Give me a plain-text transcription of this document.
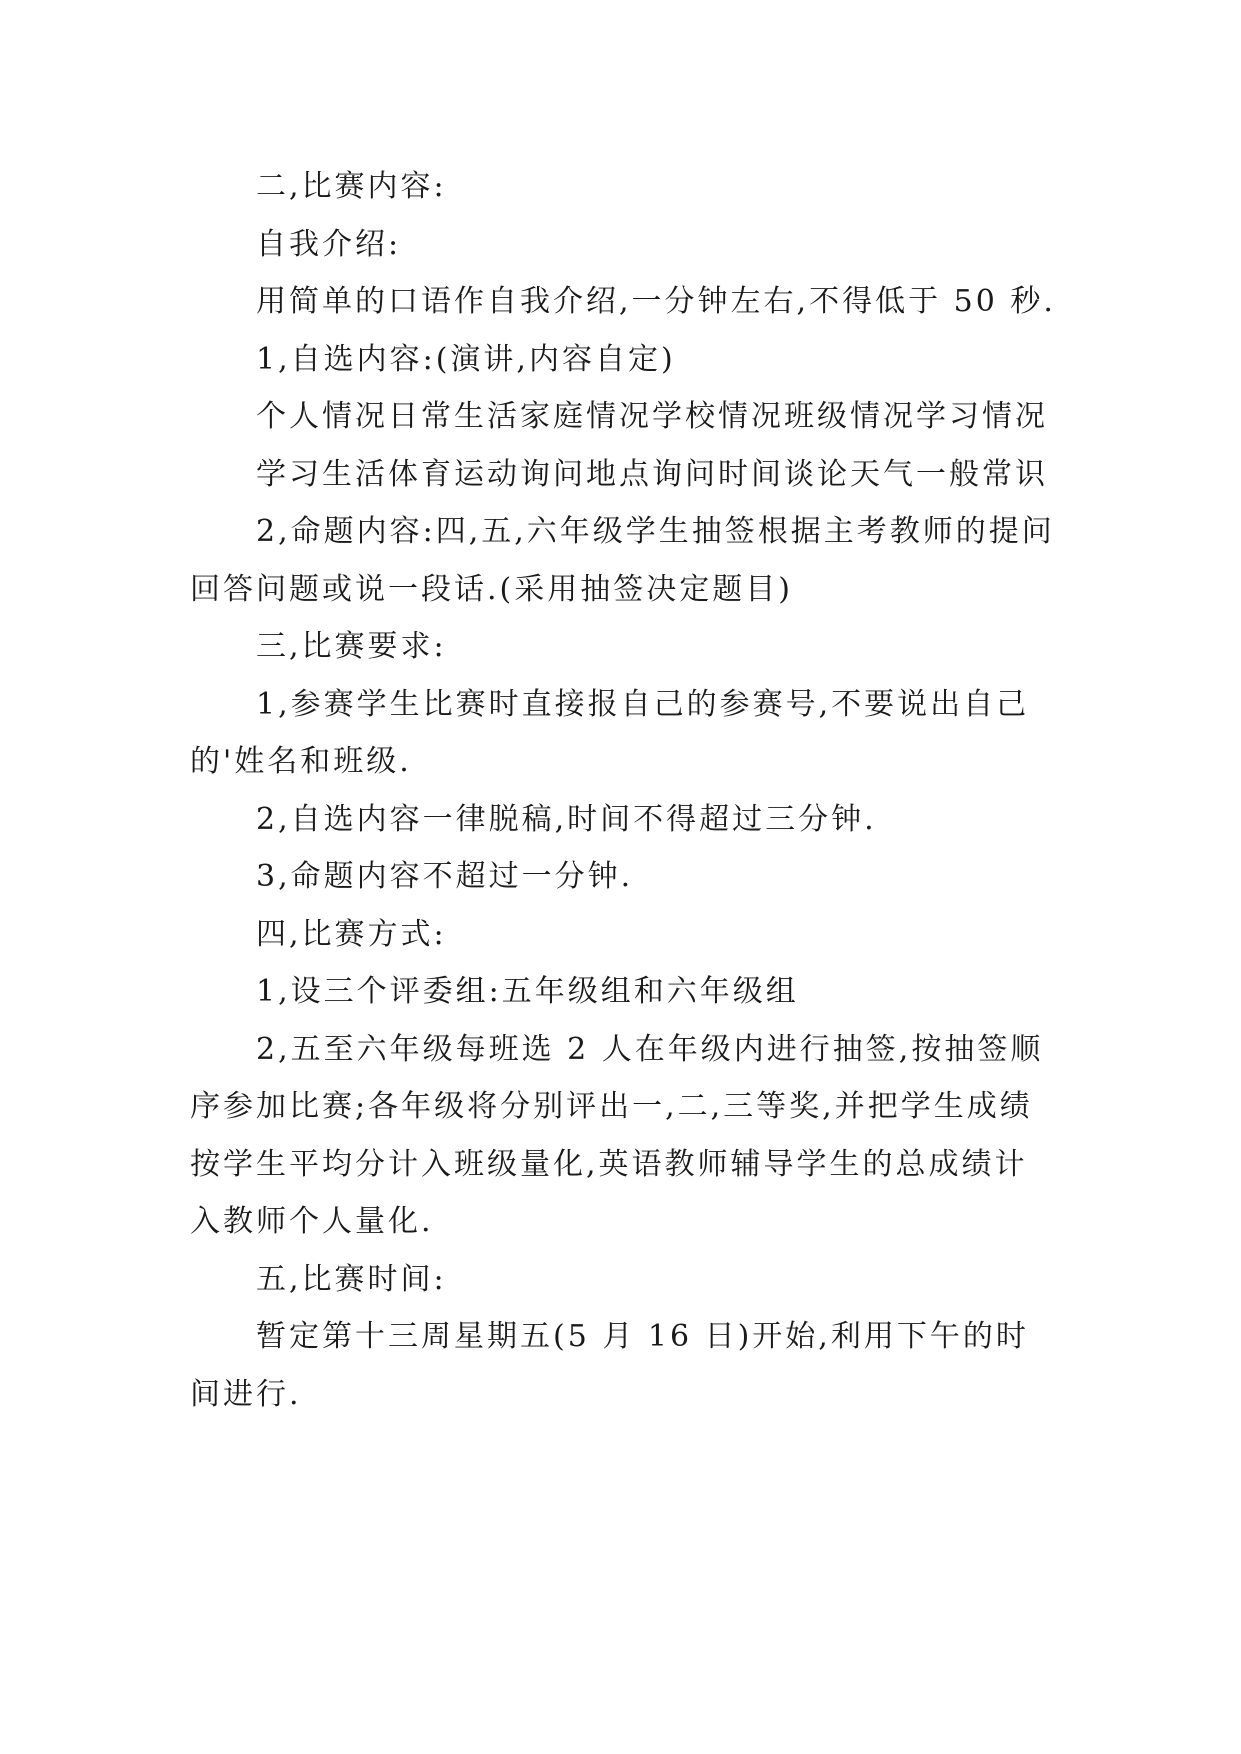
二,比赛内容:

自我介绍:

用简单的口语作自我介绍,一分钟左右,不得低于 50 秒.

1,自选内容:(演讲,内容自定)

个人情况日常生活家庭情况学校情况班级情况学习情况

学习生活体育运动询问地点询问时间谈论天气一般常识

2,命题内容:四,五,六年级学生抽签根据主考教师的提问回答问题或说一段话.(采用抽签决定题目)

三,比赛要求:

1,参赛学生比赛时直接报自己的参赛号,不要说出自己的'姓名和班级.

2,自选内容一律脱稿,时间不得超过三分钟.

3,命题内容不超过一分钟.

四,比赛方式:

1,设三个评委组:五年级组和六年级组

2,五至六年级每班选 2 人在年级内进行抽签,按抽签顺序参加比赛;各年级将分别评出一,二,三等奖,并把学生成绩按学生平均分计入班级量化,英语教师辅导学生的总成绩计入教师个人量化.

五,比赛时间:

暂定第十三周星期五(5 月 16 日)开始,利用下午的时间进行.
